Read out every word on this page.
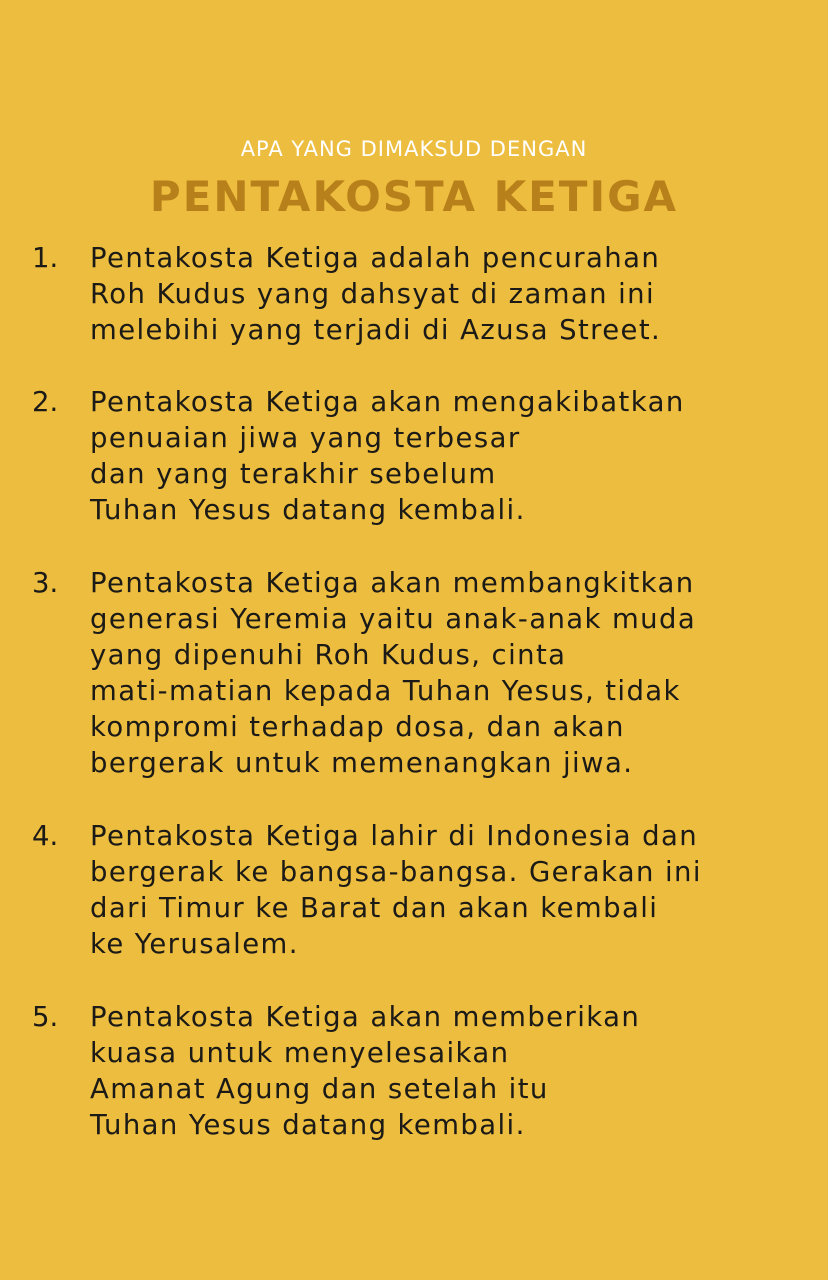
APA YANG DIMAKSUD DENGAN
PENTAKOSTA KETIGA
1. Pentakosta Ketiga adalah pencurahan
Roh Kudus yang dahsyat di zaman ini
melebihi yang terjadi di Azusa Street.
2. Pentakosta Ketiga akan mengakibatkan
penuaian jiwa yang terbesar
dan yang terakhir sebelum
Tuhan Yesus datang kembali.
3. Pentakosta Ketiga akan membangkitkan
generasi Yeremia yaitu anak-anak muda
yang dipenuhi Roh Kudus, cinta
mati-matian kepada Tuhan Yesus, tidak
kompromi terhadap dosa, dan akan
bergerak untuk memenangkan jiwa.
4. Pentakosta Ketiga lahir di Indonesia dan
bergerak ke bangsa-bangsa. Gerakan ini
dari Timur ke Barat dan akan kembali
ke Yerusalem.
5. Pentakosta Ketiga akan memberikan
kuasa untuk menyelesaikan
Amanat Agung dan setelah itu
Tuhan Yesus datang kembali.
